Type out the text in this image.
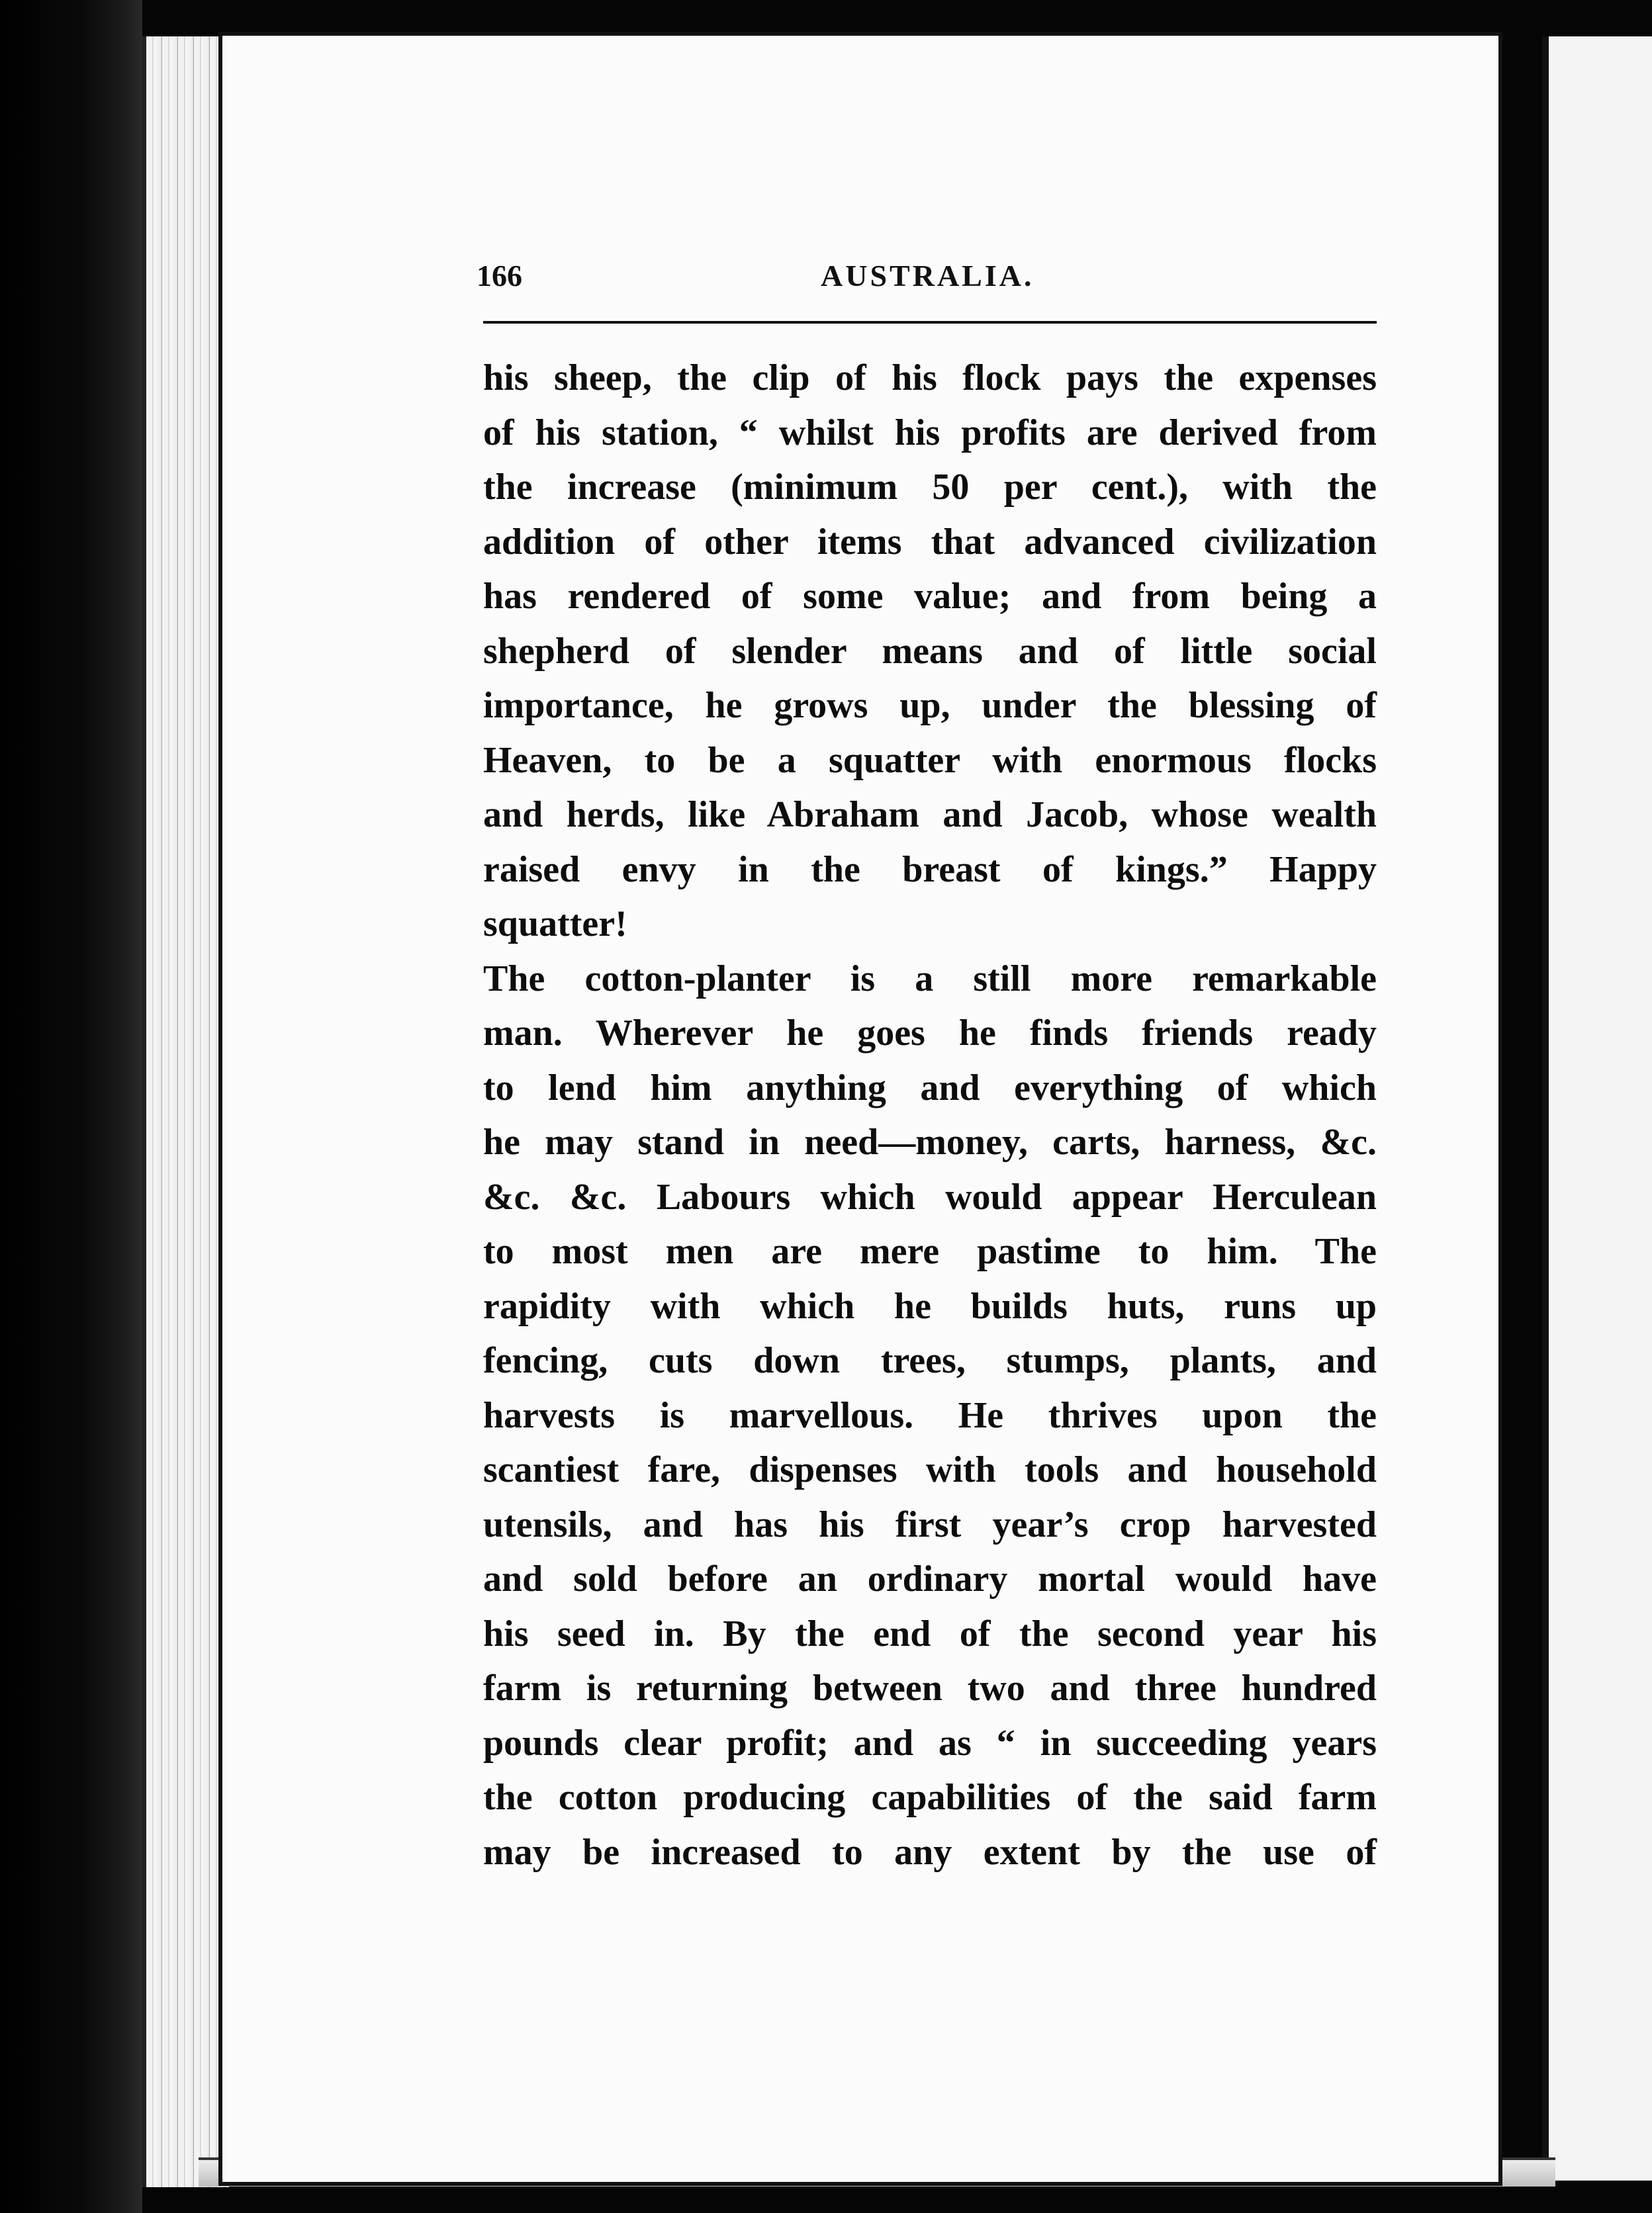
166	AUSTRALIA.
his sheep, the clip of his flock pays the expenses
of his station, “ whilst his profits are derived from
the increase (minimum 50 per cent.), with the
addition of other items that advanced civilization
has rendered of some value; and from being a
shepherd of slender means and of little social
importance, he grows up, under the blessing of
Heaven, to be a squatter with enormous flocks
and herds, like Abraham and Jacob, whose wealth
raised envy in the breast of kings.” Happy
squatter!
The cotton-planter is a still more remarkable
man. Wherever he goes he finds friends ready
to lend him anything and everything of which
he may stand in need—money, carts, harness, &c.
&c. &c. Labours which would appear Herculean
to most men are mere pastime to him. The
rapidity with which he builds huts, runs up
fencing, cuts down trees, stumps, plants, and
harvests is marvellous. He thrives upon the
scantiest fare, dispenses with tools and household
utensils, and has his first year’s crop harvested
and sold before an ordinary mortal would have
his seed in. By the end of the second year his
farm is returning between two and three hundred
pounds clear profit; and as “ in succeeding years
the cotton producing capabilities of the said farm
may be increased to any extent by the use of
